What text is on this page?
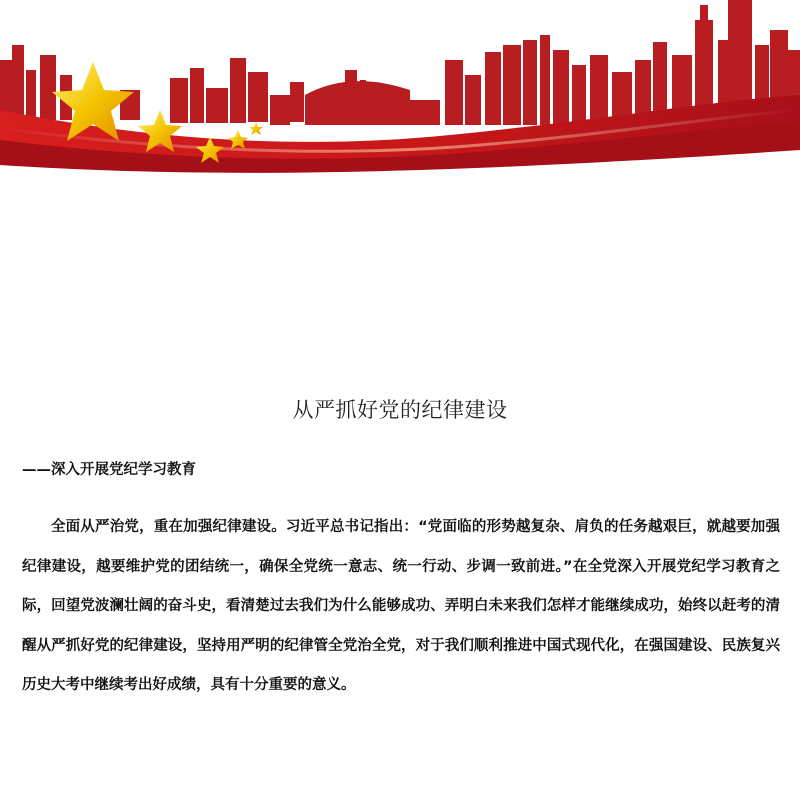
从严抓好党的纪律建设
——深入开展党纪学习教育

全面从严治党，重在加强纪律建设。习近平总书记指出：“党面临的形势越复杂、肩负的任务越艰巨，就越要加强纪律建设，越要维护党的团结统一，确保全党统一意志、统一行动、步调一致前进。”在全党深入开展党纪学习教育之际，回望党波澜壮阔的奋斗史，看清楚过去我们为什么能够成功、弄明白未来我们怎样才能继续成功，始终以赶考的清醒从严抓好党的纪律建设，坚持用严明的纪律管全党治全党，对于我们顺利推进中国式现代化，在强国建设、民族复兴历史大考中继续考出好成绩，具有十分重要的意义。
